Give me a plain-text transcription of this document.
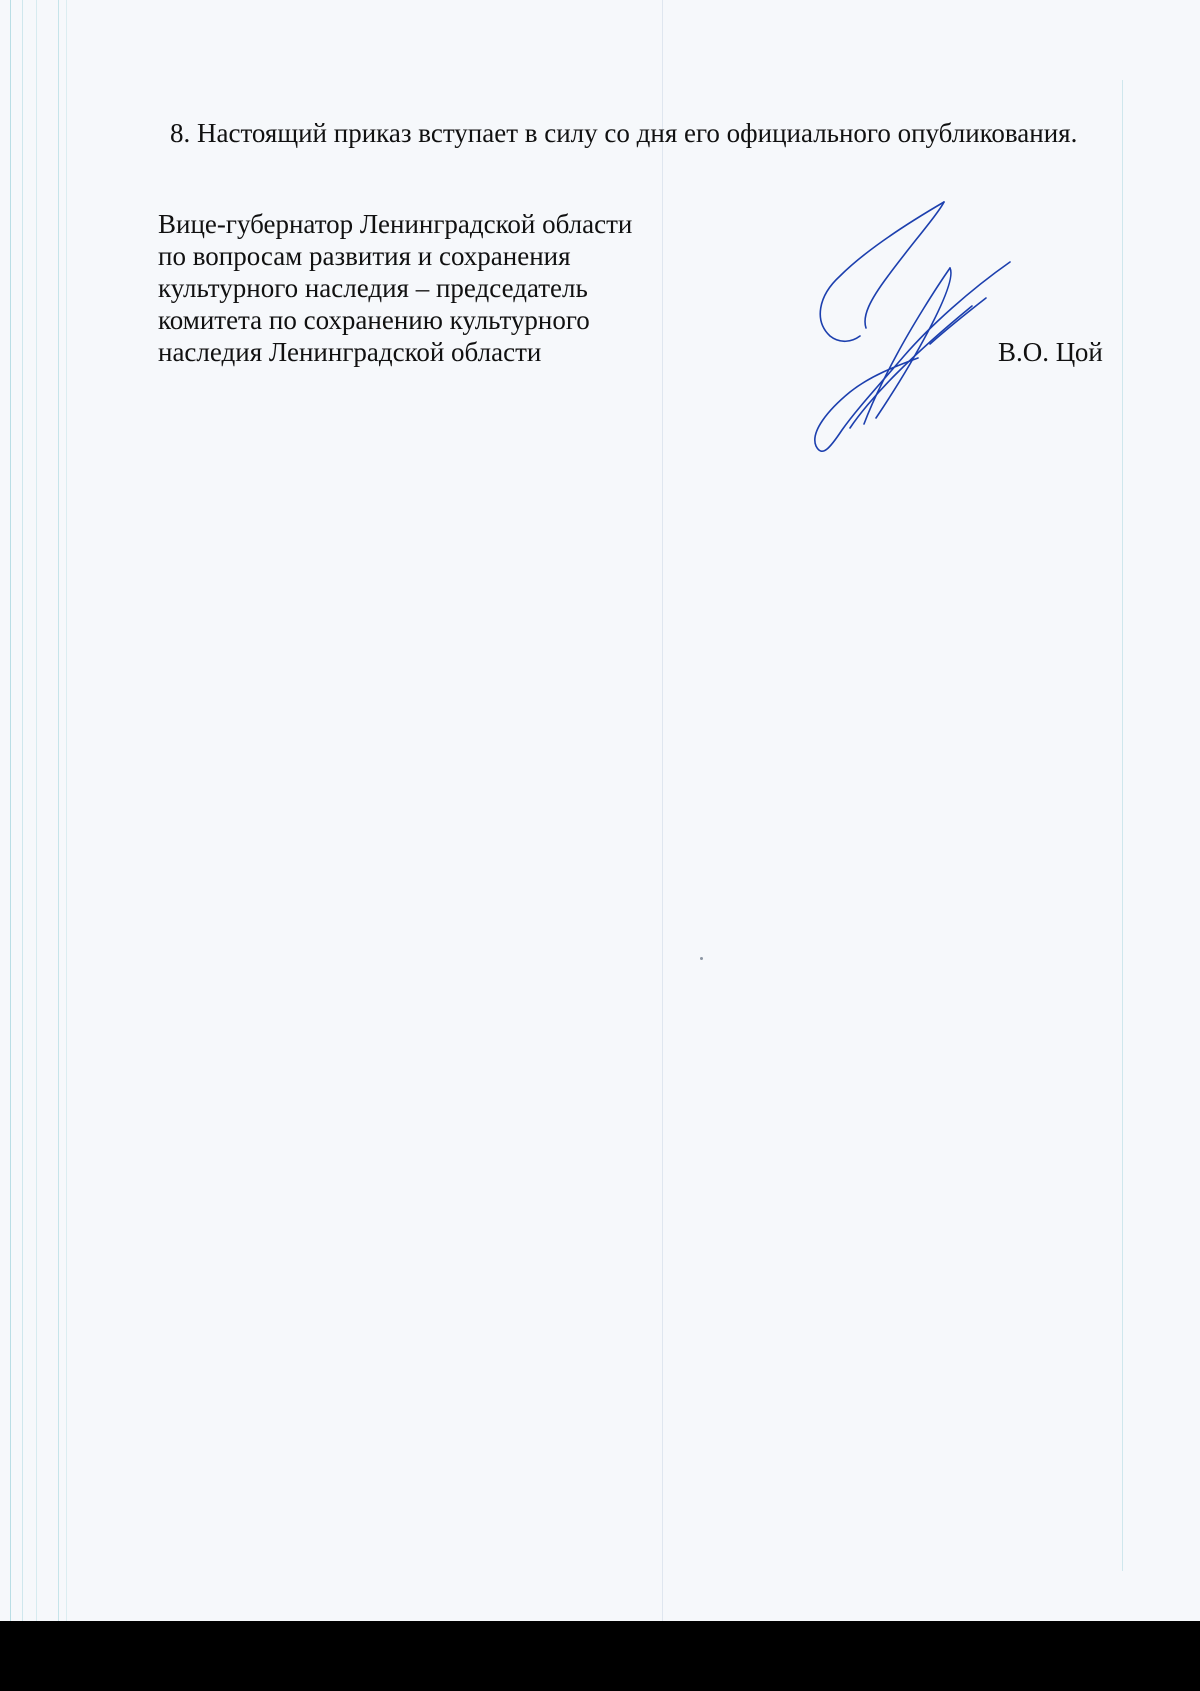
8. Настоящий приказ вступает в силу со дня его официального опубликования.
Вице-губернатор Ленинградской области
по вопросам развития и сохранения
культурного наследия – председатель
комитета по сохранению культурного
наследия Ленинградской области	В.О. Цой
